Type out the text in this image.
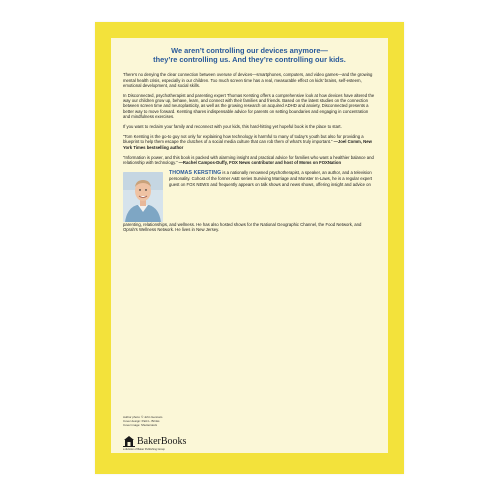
We aren’t controlling our devices anymore—
they’re controlling us. And they’re controlling our kids.

There’s no denying the clear connection between overuse of devices—smartphones, computers, and video games—and the growing mental health crisis, especially in our children. Too much screen time has a real, measurable effect on kids’ brains, self-esteem, emotional development, and social skills.

In Disconnected, psychotherapist and parenting expert Thomas Kersting offers a comprehensive look at how devices have altered the way our children grow up, behave, learn, and connect with their families and friends. Based on the latest studies on the connection between screen time and neuroplasticity, as well as the growing research on acquired ADHD and anxiety, Disconnected presents a better way to move forward. Kersting shares indispensable advice for parents on setting boundaries and engaging in concentration and mindfulness exercises.

If you want to reclaim your family and reconnect with your kids, this hard-hitting yet hopeful book is the place to start.

“Tom Kersting is the go-to guy not only for explaining how technology is harmful to many of today’s youth but also for providing a blueprint to help them escape the clutches of a social media culture that can rob them of what’s truly important.” —Joel Comm, New York Times bestselling author

“Information is power, and this book is packed with alarming insight and practical advice for families who want a healthier balance and relationship with technology.” —Rachel Campos-Duffy, FOX News contributor and host of Moms on FOXNation

THOMAS KERSTING is a nationally renowned psychotherapist, a speaker, an author, and a television personality. Cohost of the former A&E series Surviving Marriage and Monster In-Laws, he is a regular expert guest on FOX NEWS and frequently appears on talk shows and news shows, offering insight and advice on
parenting, relationships, and wellness. He has also hosted shows for the National Geographic Channel, the Food Network, and Oprah’s Wellness Network. He lives in New Jersey.
Author photo: © John Gennaro
Cover design: Patti L. Brinks
Cover image: Shutterstock
BakerBooks
a division of Baker Publishing Group
